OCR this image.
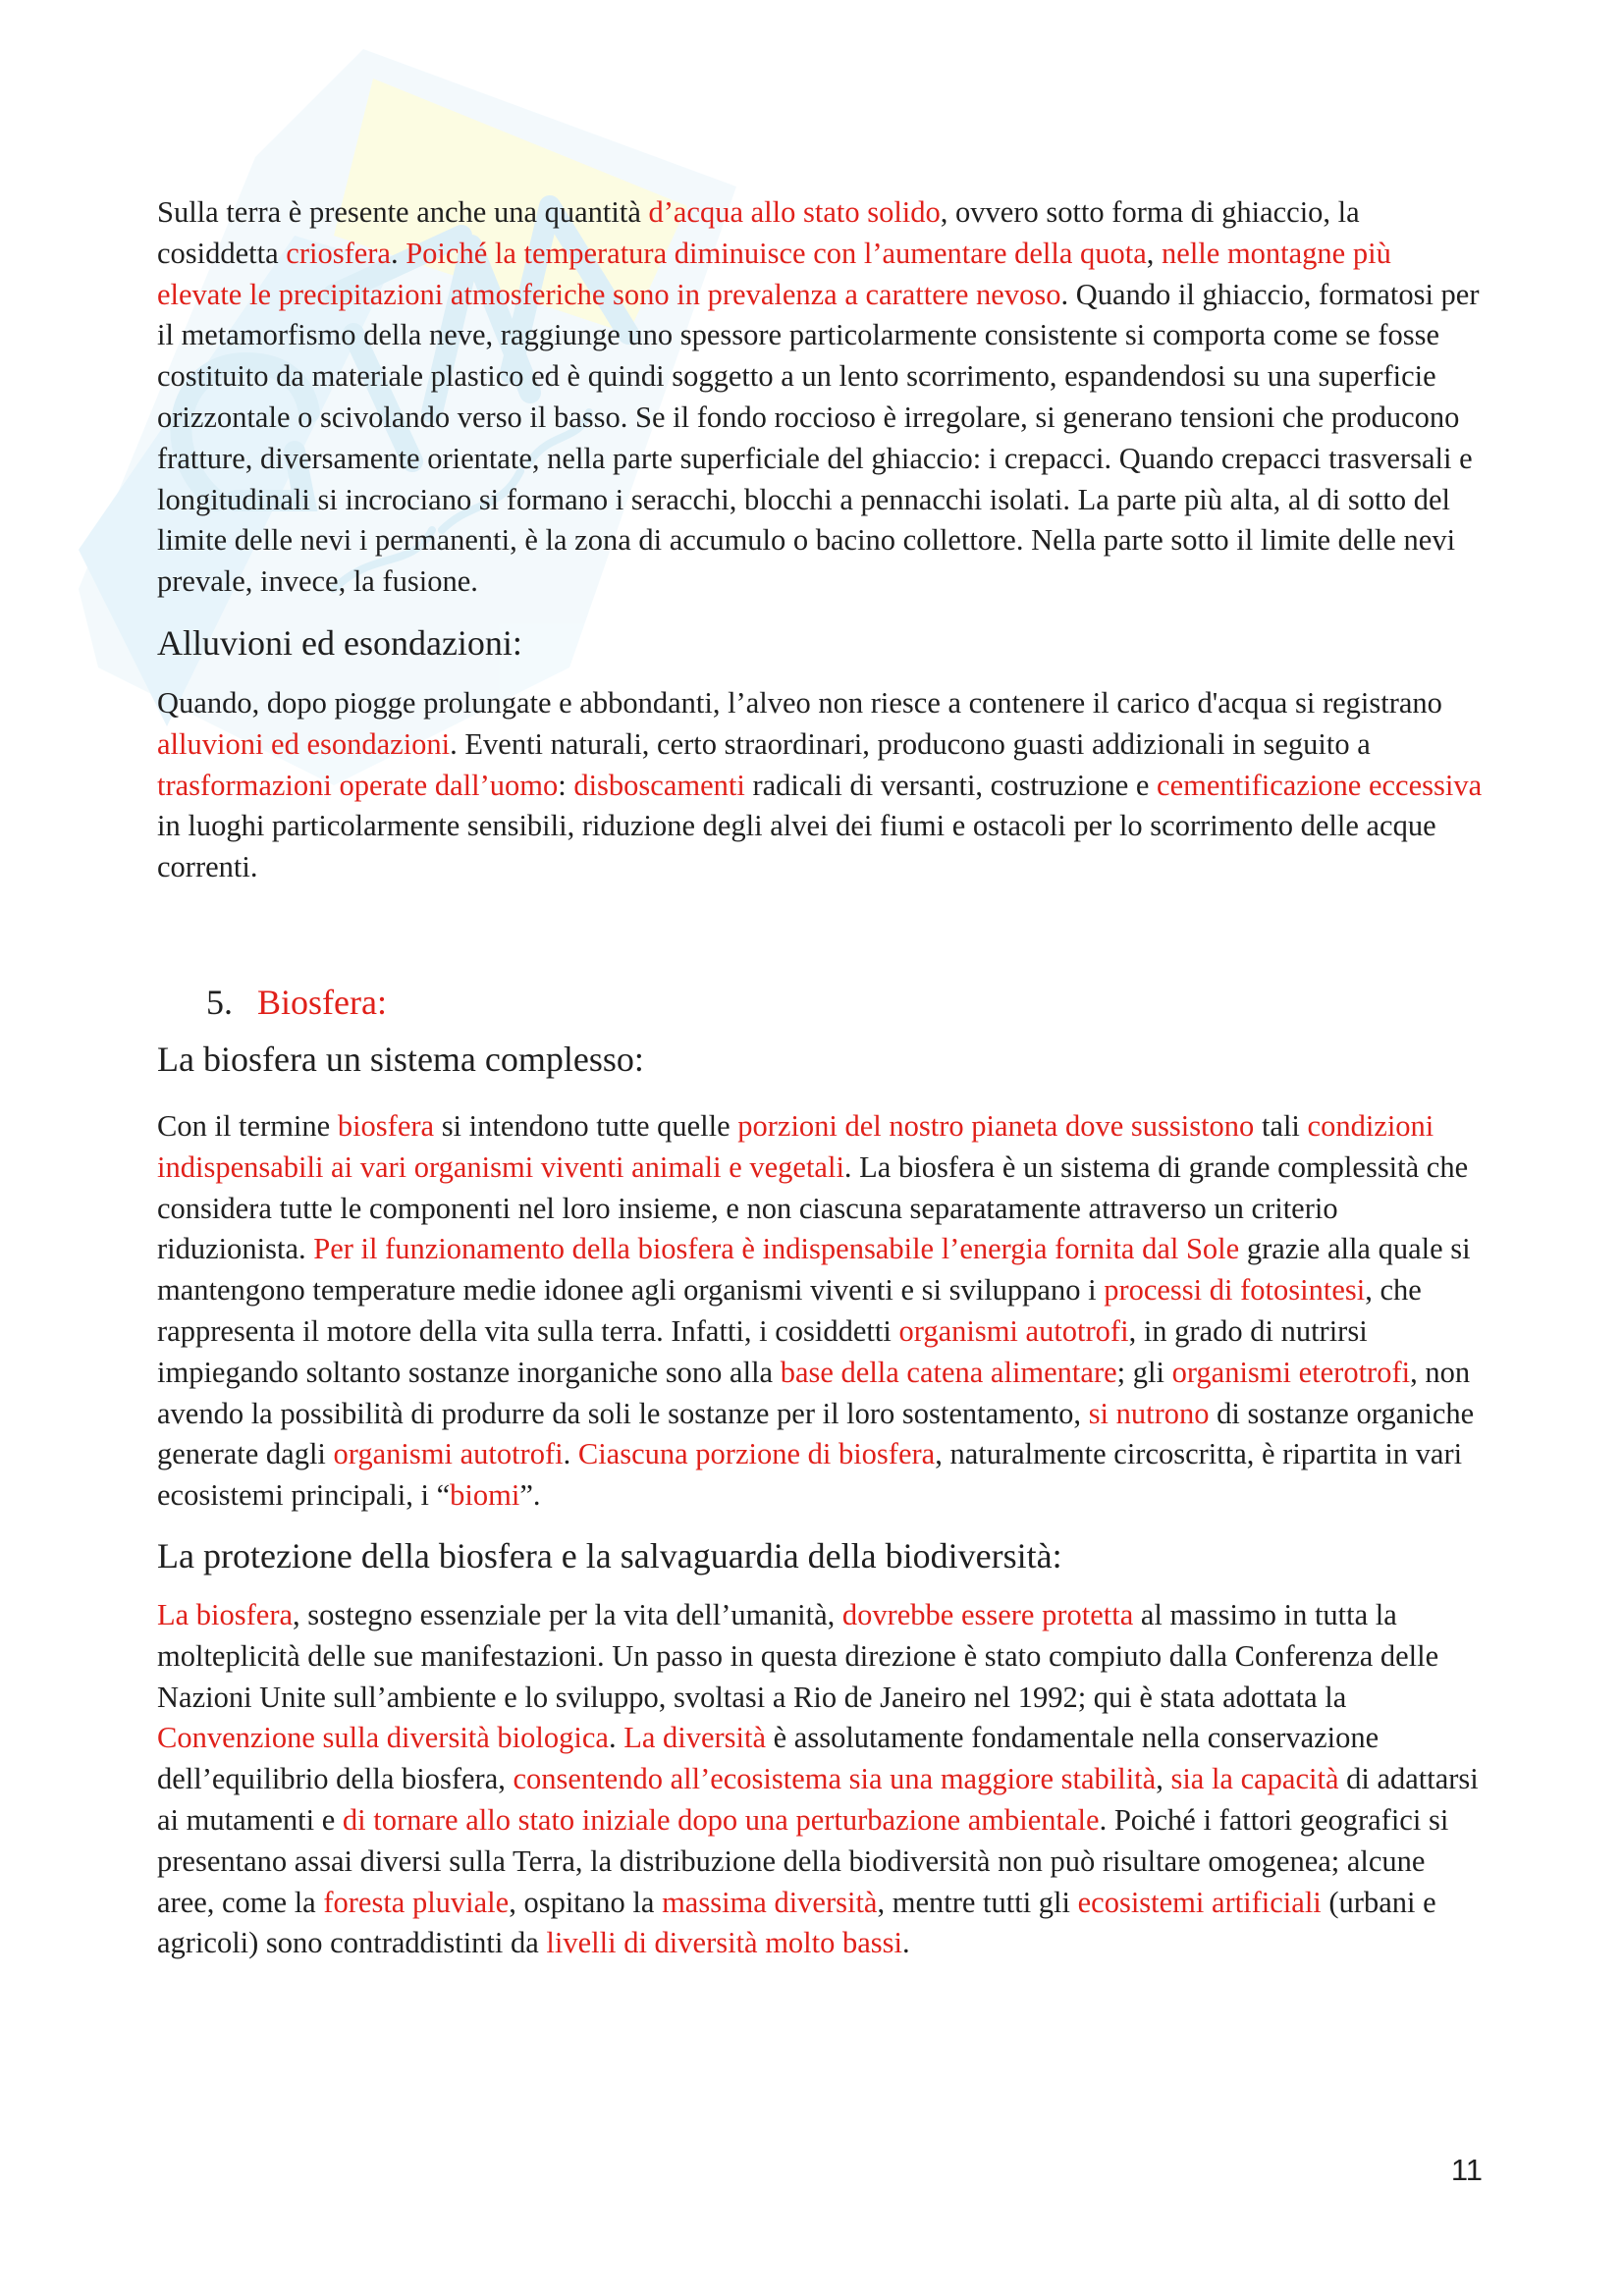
Sulla terra è presente anche una quantità d’acqua allo stato solido, ovvero sotto forma di ghiaccio, la cosiddetta criosfera. Poiché la temperatura diminuisce con l’aumentare della quota, nelle montagne più elevate le precipitazioni atmosferiche sono in prevalenza a carattere nevoso. Quando il ghiaccio, formatosi per il metamorfismo della neve, raggiunge uno spessore particolarmente consistente si comporta come se fosse costituito da materiale plastico ed è quindi soggetto a un lento scorrimento, espandendosi su una superficie orizzontale o scivolando verso il basso. Se il fondo roccioso è irregolare, si generano tensioni che producono fratture, diversamente orientate, nella parte superficiale del ghiaccio: i crepacci. Quando crepacci trasversali e longitudinali si incrociano si formano i seracchi, blocchi a pennacchi isolati. La parte più alta, al di sotto del limite delle nevi i permanenti, è la zona di accumulo o bacino collettore. Nella parte sotto il limite delle nevi prevale, invece, la fusione.

Alluvioni ed esondazioni:

Quando, dopo piogge prolungate e abbondanti, l’alveo non riesce a contenere il carico d'acqua si registrano alluvioni ed esondazioni. Eventi naturali, certo straordinari, producono guasti addizionali in seguito a trasformazioni operate dall’uomo: disboscamenti radicali di versanti, costruzione e cementificazione eccessiva in luoghi particolarmente sensibili, riduzione degli alvei dei fiumi e ostacoli per lo scorrimento delle acque correnti.

5. Biosfera:
La biosfera un sistema complesso:

Con il termine biosfera si intendono tutte quelle porzioni del nostro pianeta dove sussistono tali condizioni indispensabili ai vari organismi viventi animali e vegetali. La biosfera è un sistema di grande complessità che considera tutte le componenti nel loro insieme, e non ciascuna separatamente attraverso un criterio riduzionista. Per il funzionamento della biosfera è indispensabile l’energia fornita dal Sole grazie alla quale si mantengono temperature medie idonee agli organismi viventi e si sviluppano i processi di fotosintesi, che rappresenta il motore della vita sulla terra. Infatti, i cosiddetti organismi autotrofi, in grado di nutrirsi impiegando soltanto sostanze inorganiche sono alla base della catena alimentare; gli organismi eterotrofi, non avendo la possibilità di produrre da soli le sostanze per il loro sostentamento, si nutrono di sostanze organiche generate dagli organismi autotrofi. Ciascuna porzione di biosfera, naturalmente circoscritta, è ripartita in vari ecosistemi principali, i “biomi”.

La protezione della biosfera e la salvaguardia della biodiversità:

La biosfera, sostegno essenziale per la vita dell’umanità, dovrebbe essere protetta al massimo in tutta la molteplicità delle sue manifestazioni. Un passo in questa direzione è stato compiuto dalla Conferenza delle Nazioni Unite sull’ambiente e lo sviluppo, svoltasi a Rio de Janeiro nel 1992; qui è stata adottata la Convenzione sulla diversità biologica. La diversità è assolutamente fondamentale nella conservazione dell’equilibrio della biosfera, consentendo all’ecosistema sia una maggiore stabilità, sia la capacità di adattarsi ai mutamenti e di tornare allo stato iniziale dopo una perturbazione ambientale. Poiché i fattori geografici si presentano assai diversi sulla Terra, la distribuzione della biodiversità non può risultare omogenea; alcune aree, come la foresta pluviale, ospitano la massima diversità, mentre tutti gli ecosistemi artificiali (urbani e agricoli) sono contraddistinti da livelli di diversità molto bassi.

11
